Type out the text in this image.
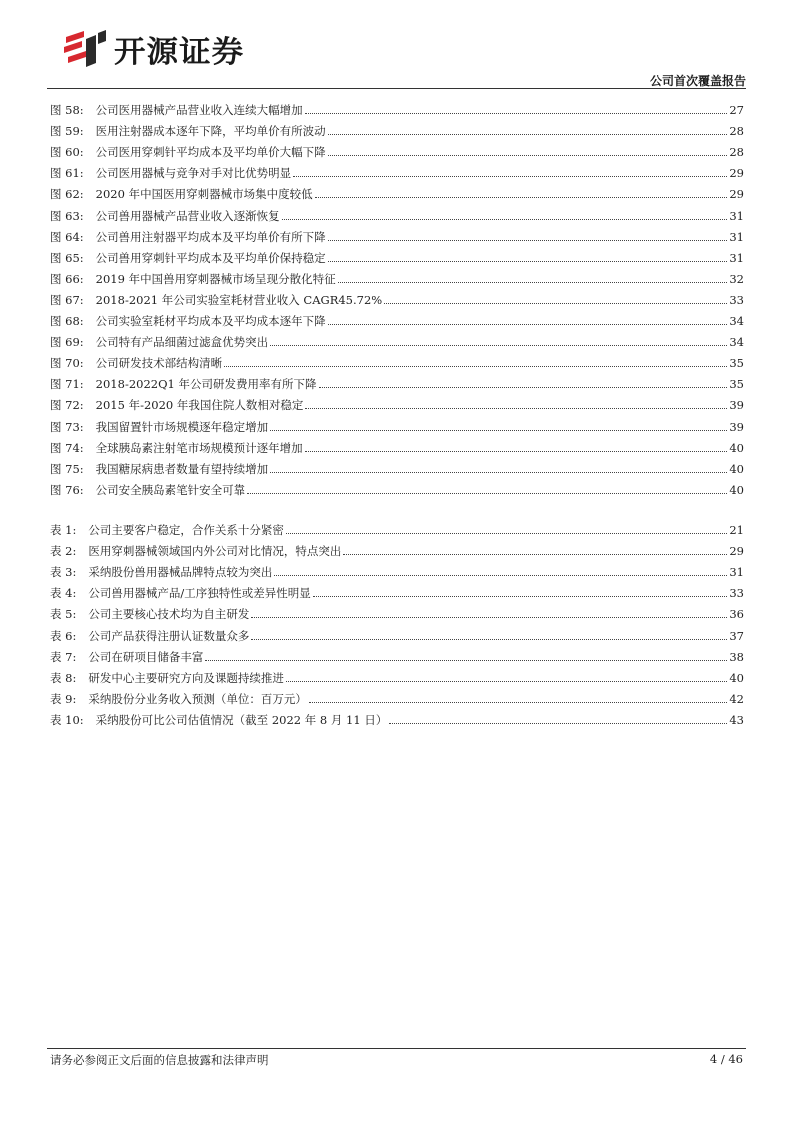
开源证券
公司首次覆盖报告
图 58: 公司医用器械产品营业收入连续大幅增加	27
图 59: 医用注射器成本逐年下降，平均单价有所波动	28
图 60: 公司医用穿刺针平均成本及平均单价大幅下降	28
图 61: 公司医用器械与竞争对手对比优势明显	29
图 62: 2020 年中国医用穿刺器械市场集中度较低	29
图 63: 公司兽用器械产品营业收入逐渐恢复	31
图 64: 公司兽用注射器平均成本及平均单价有所下降	31
图 65: 公司兽用穿刺针平均成本及平均单价保持稳定	31
图 66: 2019 年中国兽用穿刺器械市场呈现分散化特征	32
图 67: 2018-2021 年公司实验室耗材营业收入 CAGR45.72%	33
图 68: 公司实验室耗材平均成本及平均成本逐年下降	34
图 69: 公司特有产品细菌过滤盒优势突出	34
图 70: 公司研发技术部结构清晰	35
图 71: 2018-2022Q1 年公司研发费用率有所下降	35
图 72: 2015 年-2020 年我国住院人数相对稳定	39
图 73: 我国留置针市场规模逐年稳定增加	39
图 74: 全球胰岛素注射笔市场规模预计逐年增加	40
图 75: 我国糖尿病患者数量有望持续增加	40
图 76: 公司安全胰岛素笔针安全可靠	40
表 1: 公司主要客户稳定，合作关系十分紧密	21
表 2: 医用穿刺器械领域国内外公司对比情况，特点突出	29
表 3: 采纳股份兽用器械品牌特点较为突出	31
表 4: 公司兽用器械产品/工序独特性或差异性明显	33
表 5: 公司主要核心技术均为自主研发	36
表 6: 公司产品获得注册认证数量众多	37
表 7: 公司在研项目储备丰富	38
表 8: 研发中心主要研究方向及课题持续推进	40
表 9: 采纳股份分业务收入预测（单位：百万元）	42
表 10: 采纳股份可比公司估值情况（截至 2022 年 8 月 11 日）	43
请务必参阅正文后面的信息披露和法律声明	4 / 46
